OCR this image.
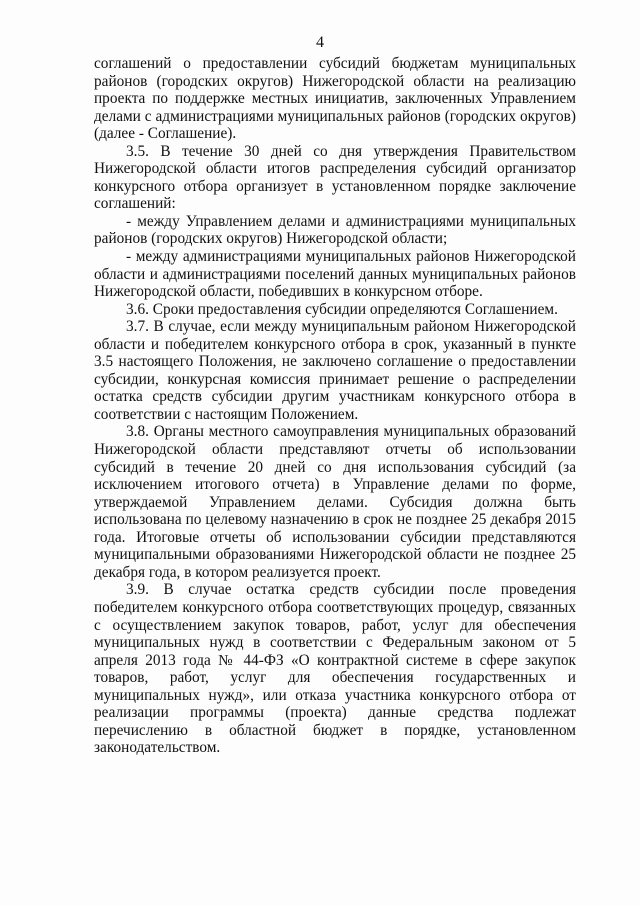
4

соглашений о предоставлении субсидий бюджетам муниципальных районов (городских округов) Нижегородской области на реализацию проекта по поддержке местных инициатив, заключенных Управлением делами с администрациями муниципальных районов (городских округов) (далее - Соглашение).

3.5. В течение 30 дней со дня утверждения Правительством Нижегородской области итогов распределения субсидий организатор конкурсного отбора организует в установленном порядке заключение соглашений:

- между Управлением делами и администрациями муниципальных районов (городских округов) Нижегородской области;

- между администрациями муниципальных районов Нижегородской области и администрациями поселений данных муниципальных районов Нижегородской области, победивших в конкурсном отборе.

3.6. Сроки предоставления субсидии определяются Соглашением.

3.7. В случае, если между муниципальным районом Нижегородской области и победителем конкурсного отбора в срок, указанный в пункте 3.5 настоящего Положения, не заключено соглашение о предоставлении субсидии, конкурсная комиссия принимает решение о распределении остатка средств субсидии другим участникам конкурсного отбора в соответствии с настоящим Положением.

3.8. Органы местного самоуправления муниципальных образований Нижегородской области представляют отчеты об использовании субсидий в течение 20 дней со дня использования субсидий (за исключением итогового отчета) в Управление делами по форме, утверждаемой Управлением делами. Субсидия должна быть использована по целевому назначению в срок не позднее 25 декабря 2015 года. Итоговые отчеты об использовании субсидии представляются муниципальными образованиями Нижегородской области не позднее 25 декабря года, в котором реализуется проект.

3.9. В случае остатка средств субсидии после проведения победителем конкурсного отбора соответствующих процедур, связанных с осуществлением закупок товаров, работ, услуг для обеспечения муниципальных нужд в соответствии с Федеральным законом от 5 апреля 2013 года № 44-ФЗ «О контрактной системе в сфере закупок товаров, работ, услуг для обеспечения государственных и муниципальных нужд», или отказа участника конкурсного отбора от реализации программы (проекта) данные средства подлежат перечислению в областной бюджет в порядке, установленном законодательством.
